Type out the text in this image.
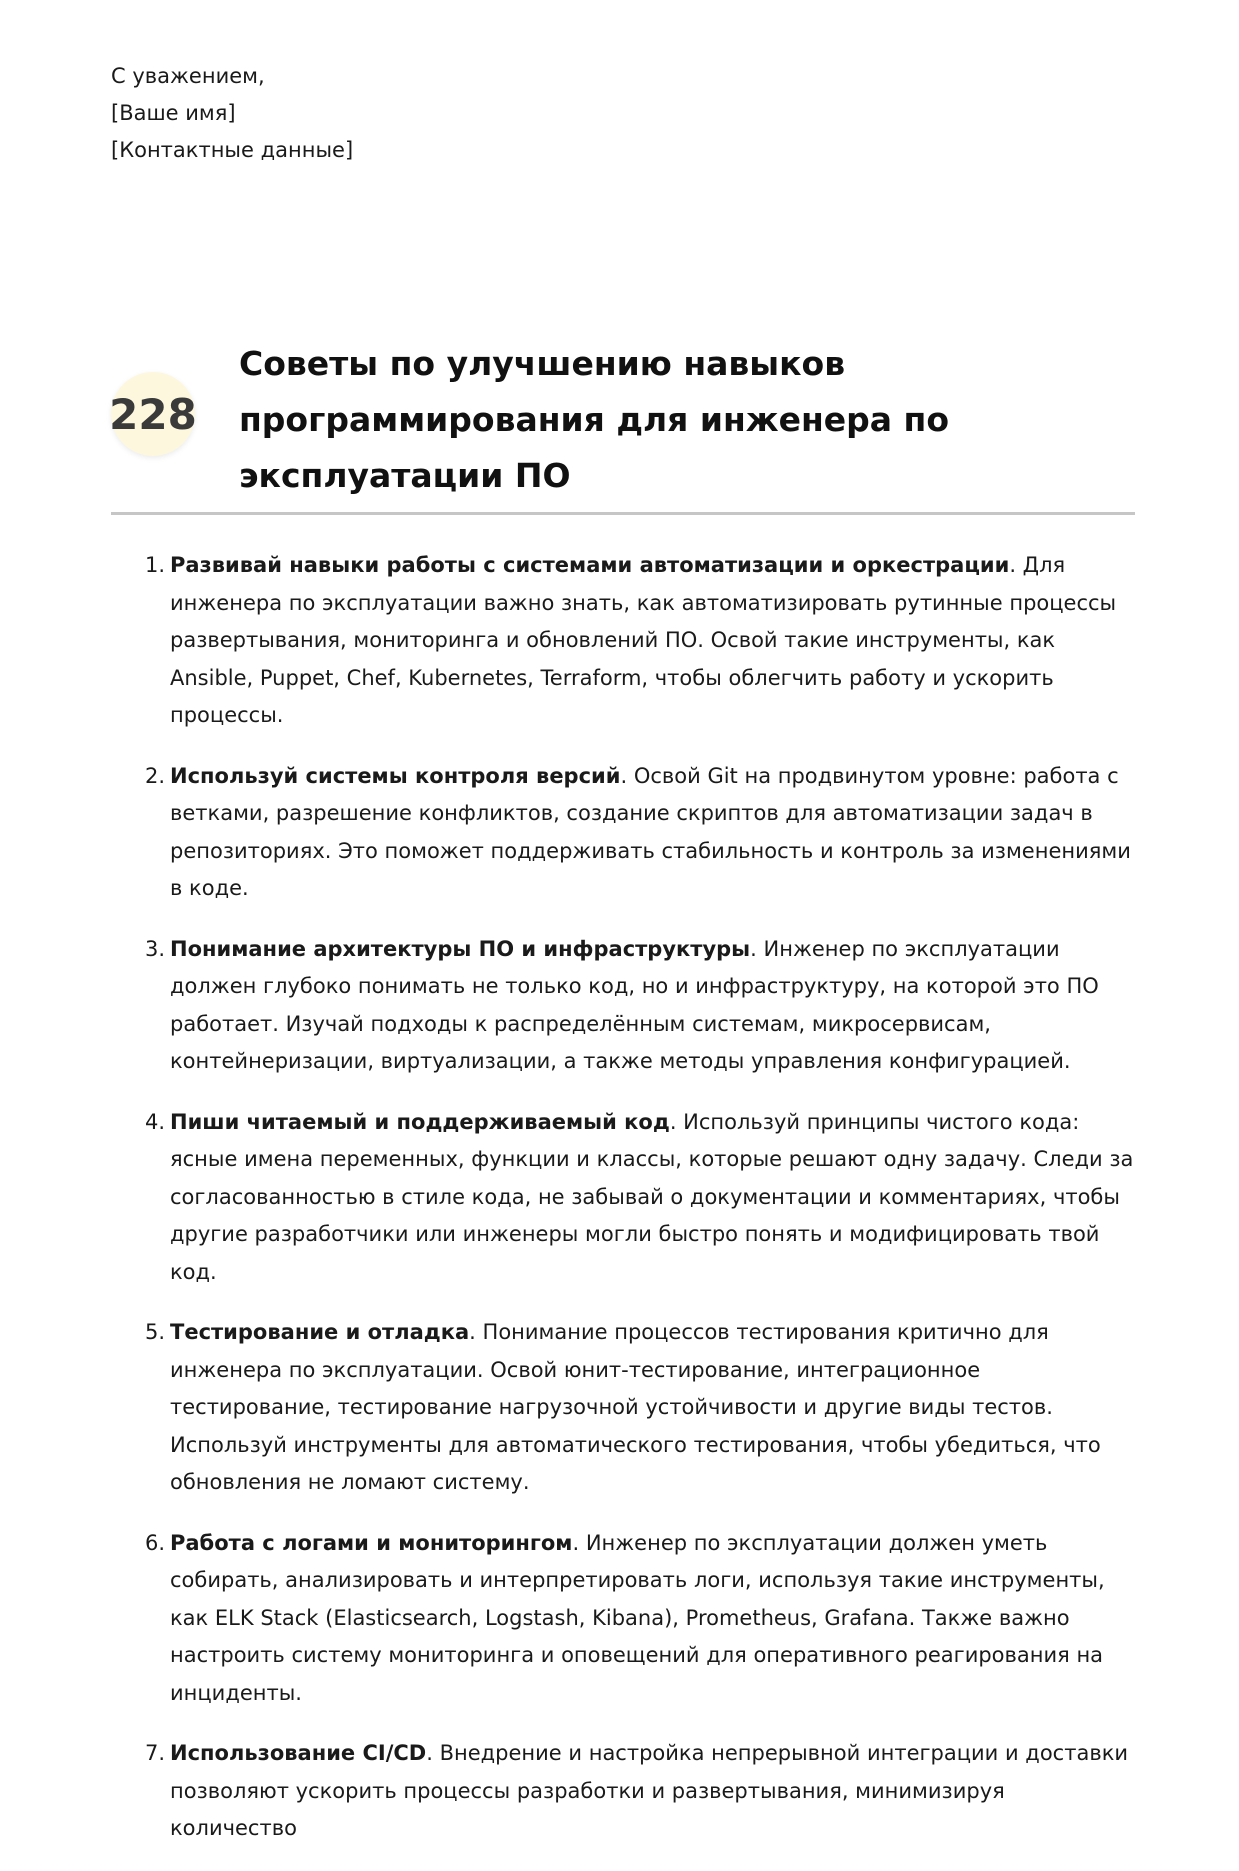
С уважением,
[Ваше имя]
[Контактные данные]
228
Советы по улучшению навыков программирования для инженера по эксплуатации ПО
1. Развивай навыки работы с системами автоматизации и оркестрации. Для инженера по эксплуатации важно знать, как автоматизировать рутинные процессы развертывания, мониторинга и обновлений ПО. Освой такие инструменты, как Ansible, Puppet, Chef, Kubernetes, Terraform, чтобы облегчить работу и ускорить процессы.
2. Используй системы контроля версий. Освой Git на продвинутом уровне: работа с ветками, разрешение конфликтов, создание скриптов для автоматизации задач в репозиториях. Это поможет поддерживать стабильность и контроль за изменениями в коде.
3. Понимание архитектуры ПО и инфраструктуры. Инженер по эксплуатации должен глубоко понимать не только код, но и инфраструктуру, на которой это ПО работает. Изучай подходы к распределённым системам, микросервисам, контейнеризации, виртуализации, а также методы управления конфигурацией.
4. Пиши читаемый и поддерживаемый код. Используй принципы чистого кода: ясные имена переменных, функции и классы, которые решают одну задачу. Следи за согласованностью в стиле кода, не забывай о документации и комментариях, чтобы другие разработчики или инженеры могли быстро понять и модифицировать твой код.
5. Тестирование и отладка. Понимание процессов тестирования критично для инженера по эксплуатации. Освой юнит-тестирование, интеграционное тестирование, тестирование нагрузочной устойчивости и другие виды тестов. Используй инструменты для автоматического тестирования, чтобы убедиться, что обновления не ломают систему.
6. Работа с логами и мониторингом. Инженер по эксплуатации должен уметь собирать, анализировать и интерпретировать логи, используя такие инструменты, как ELK Stack (Elasticsearch, Logstash, Kibana), Prometheus, Grafana. Также важно настроить систему мониторинга и оповещений для оперативного реагирования на инциденты.
7. Использование CI/CD. Внедрение и настройка непрерывной интеграции и доставки позволяют ускорить процессы разработки и развертывания, минимизируя количество
